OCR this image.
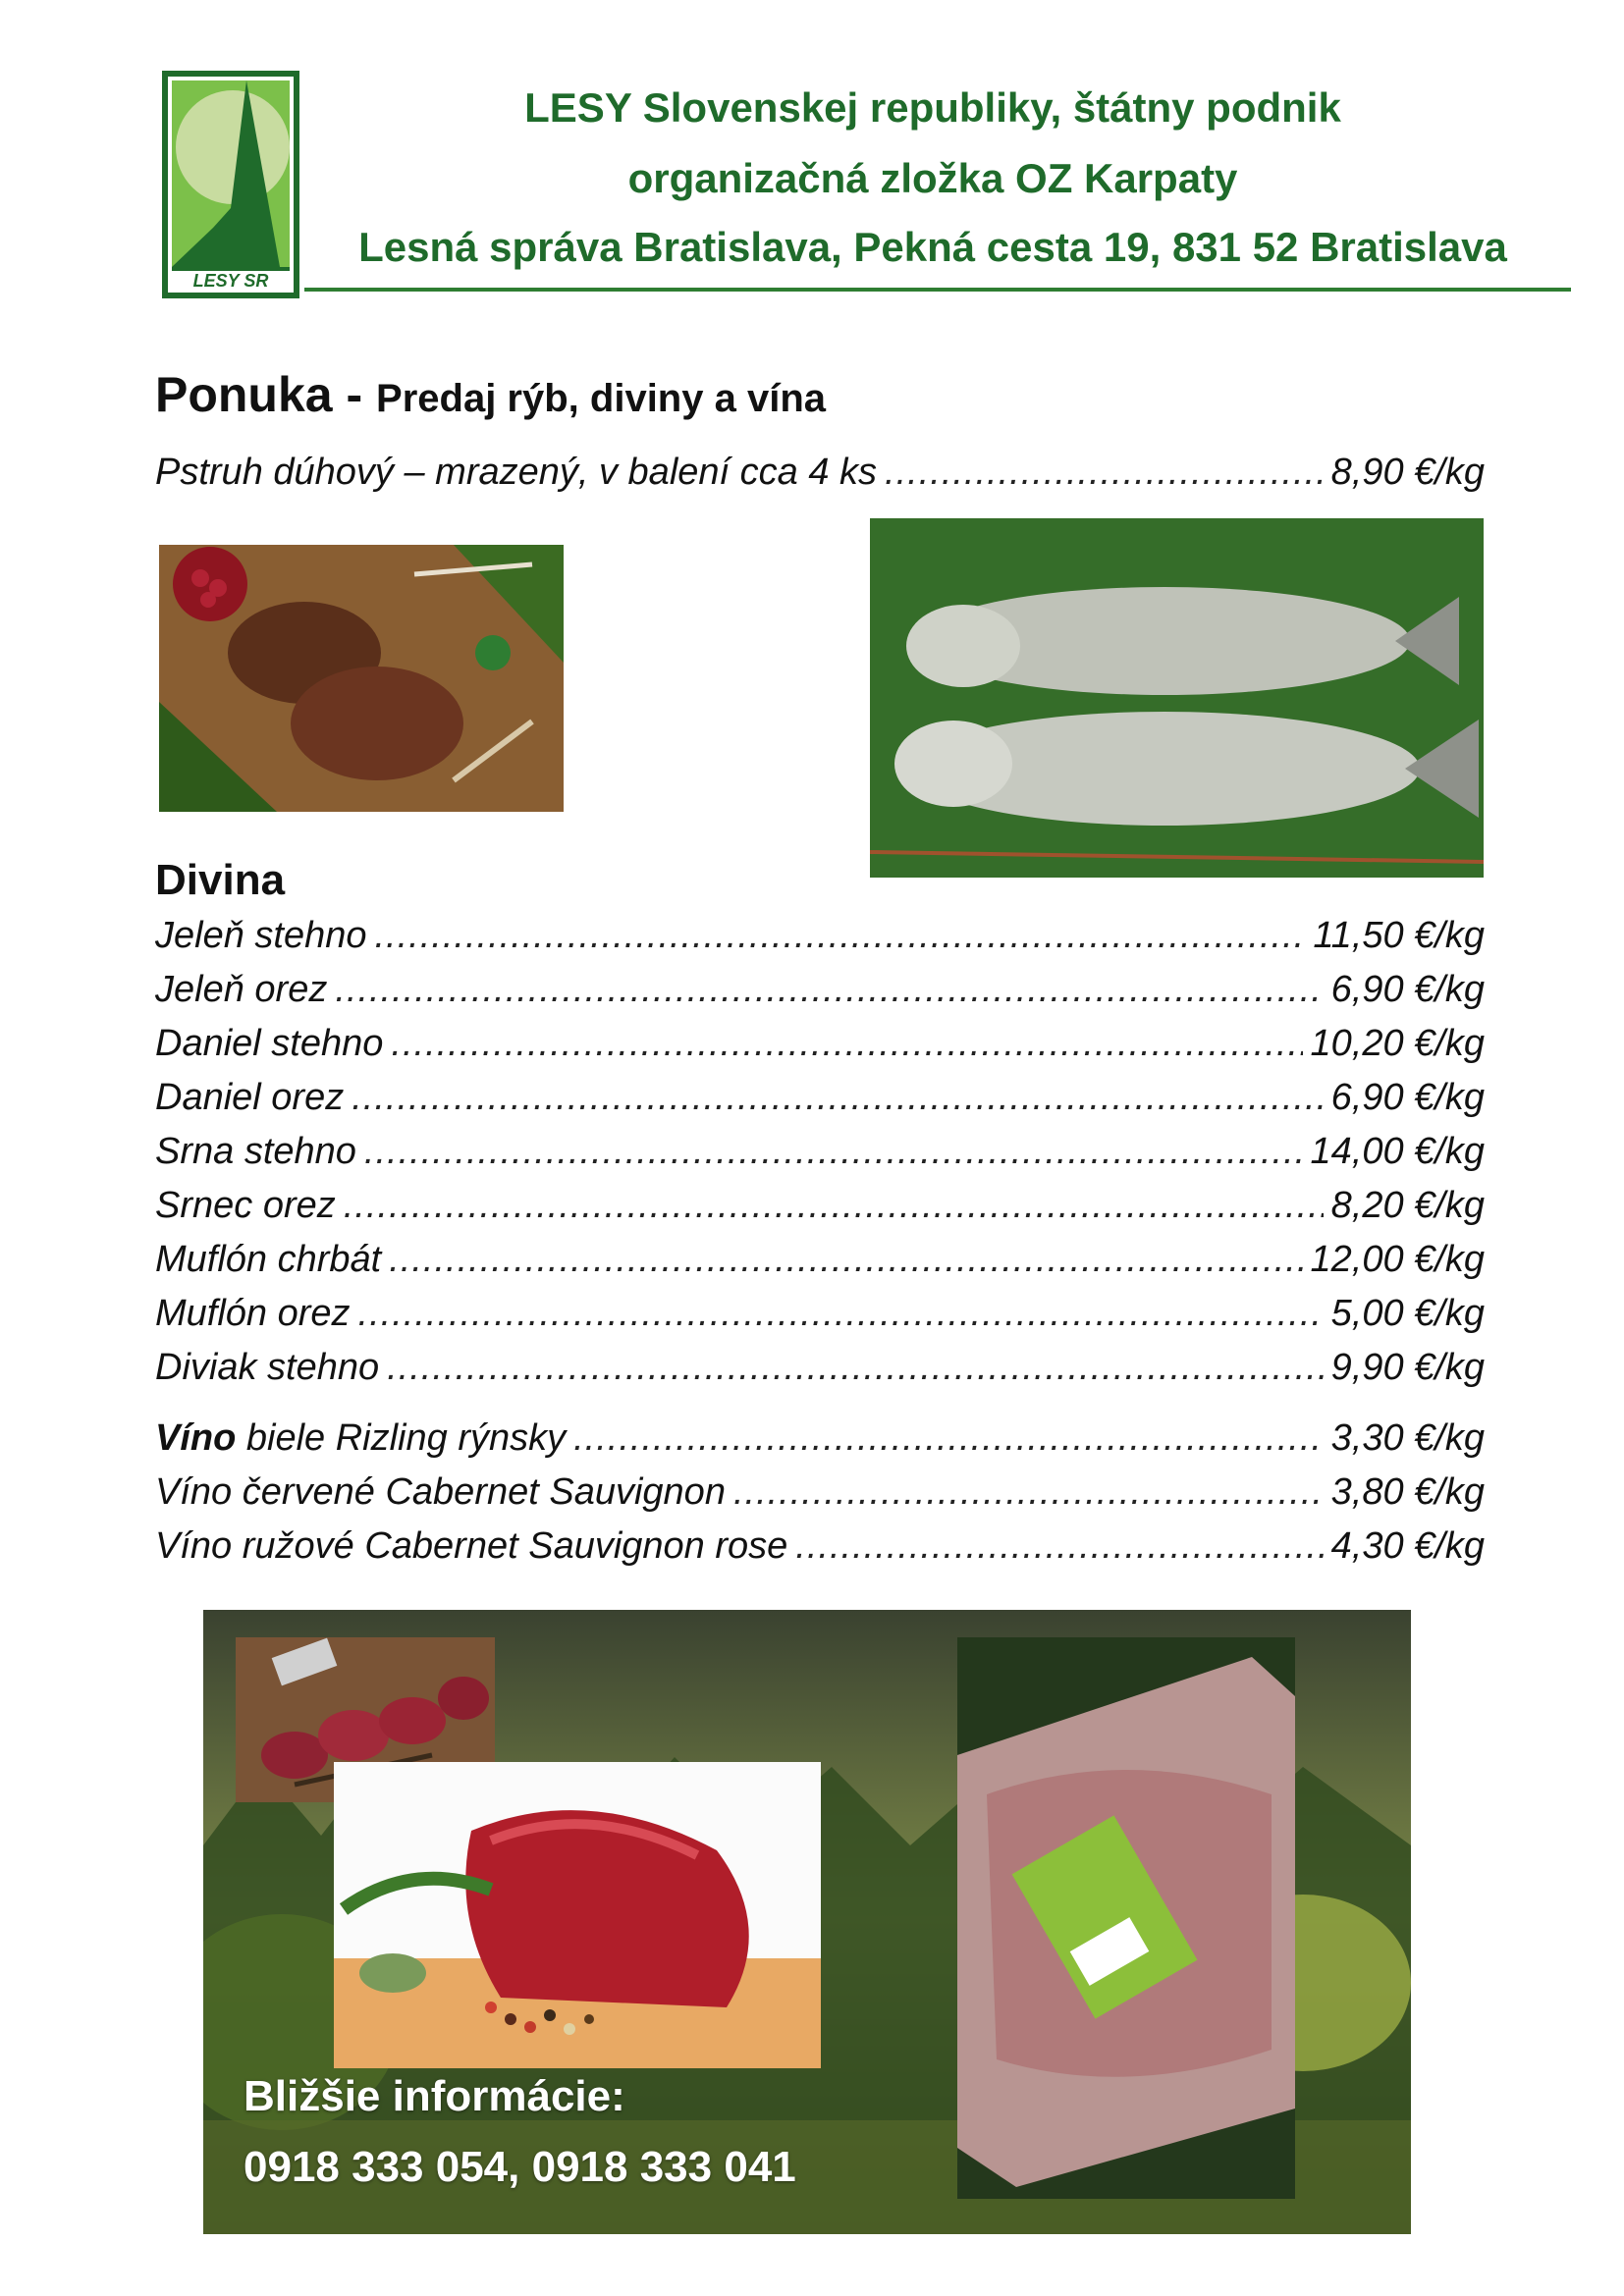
LESY SR
LESY Slovenskej republiky, štátny podnik
organizačná zložka OZ Karpaty
Lesná správa Bratislava, Pekná cesta 19, 831 52 Bratislava
Ponuka - Predaj rýb, diviny a vína
Pstruh dúhový – mrazený, v balení cca 4 ks .....	8,90 €/kg
Divina
Jeleň stehno .....	11,50 €/kg
Jeleň orez .....	6,90 €/kg
Daniel stehno .....	10,20 €/kg
Daniel orez .....	6,90 €/kg
Srna stehno .....	14,00 €/kg
Srnec orez .....	8,20 €/kg
Muflón chrbát .....	12,00 €/kg
Muflón orez .....	5,00 €/kg
Diviak stehno .....	9,90 €/kg
Víno biele Rizling rýnsky .....	3,30 €/kg
Víno červené Cabernet Sauvignon .....	3,80 €/kg
Víno ružové Cabernet Sauvignon rose .....	4,30 €/kg
Bližšie informácie:
0918 333 054, 0918 333 041
